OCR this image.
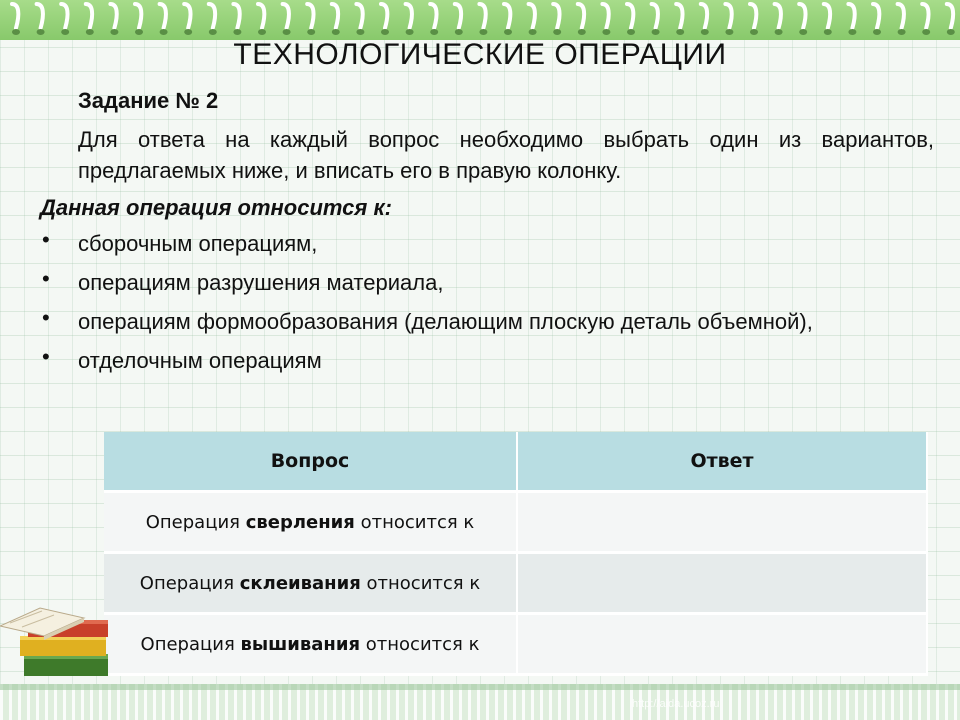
ТЕХНОЛОГИЧЕСКИЕ ОПЕРАЦИИ
Задание № 2
Для ответа на каждый вопрос необходимо выбрать один из вариантов, предлагаемых ниже, и вписать его в правую колонку.
Данная операция относится к:
• сборочным операциям,
• операциям разрушения материала,
• операциям формообразования (делающим плоскую деталь объемной),
• отделочным операциям
Вопрос	Ответ
Операция сверления относится к	
Операция склеивания относится к	
Операция вышивания относится к	
http://aida.ucoz.ru
